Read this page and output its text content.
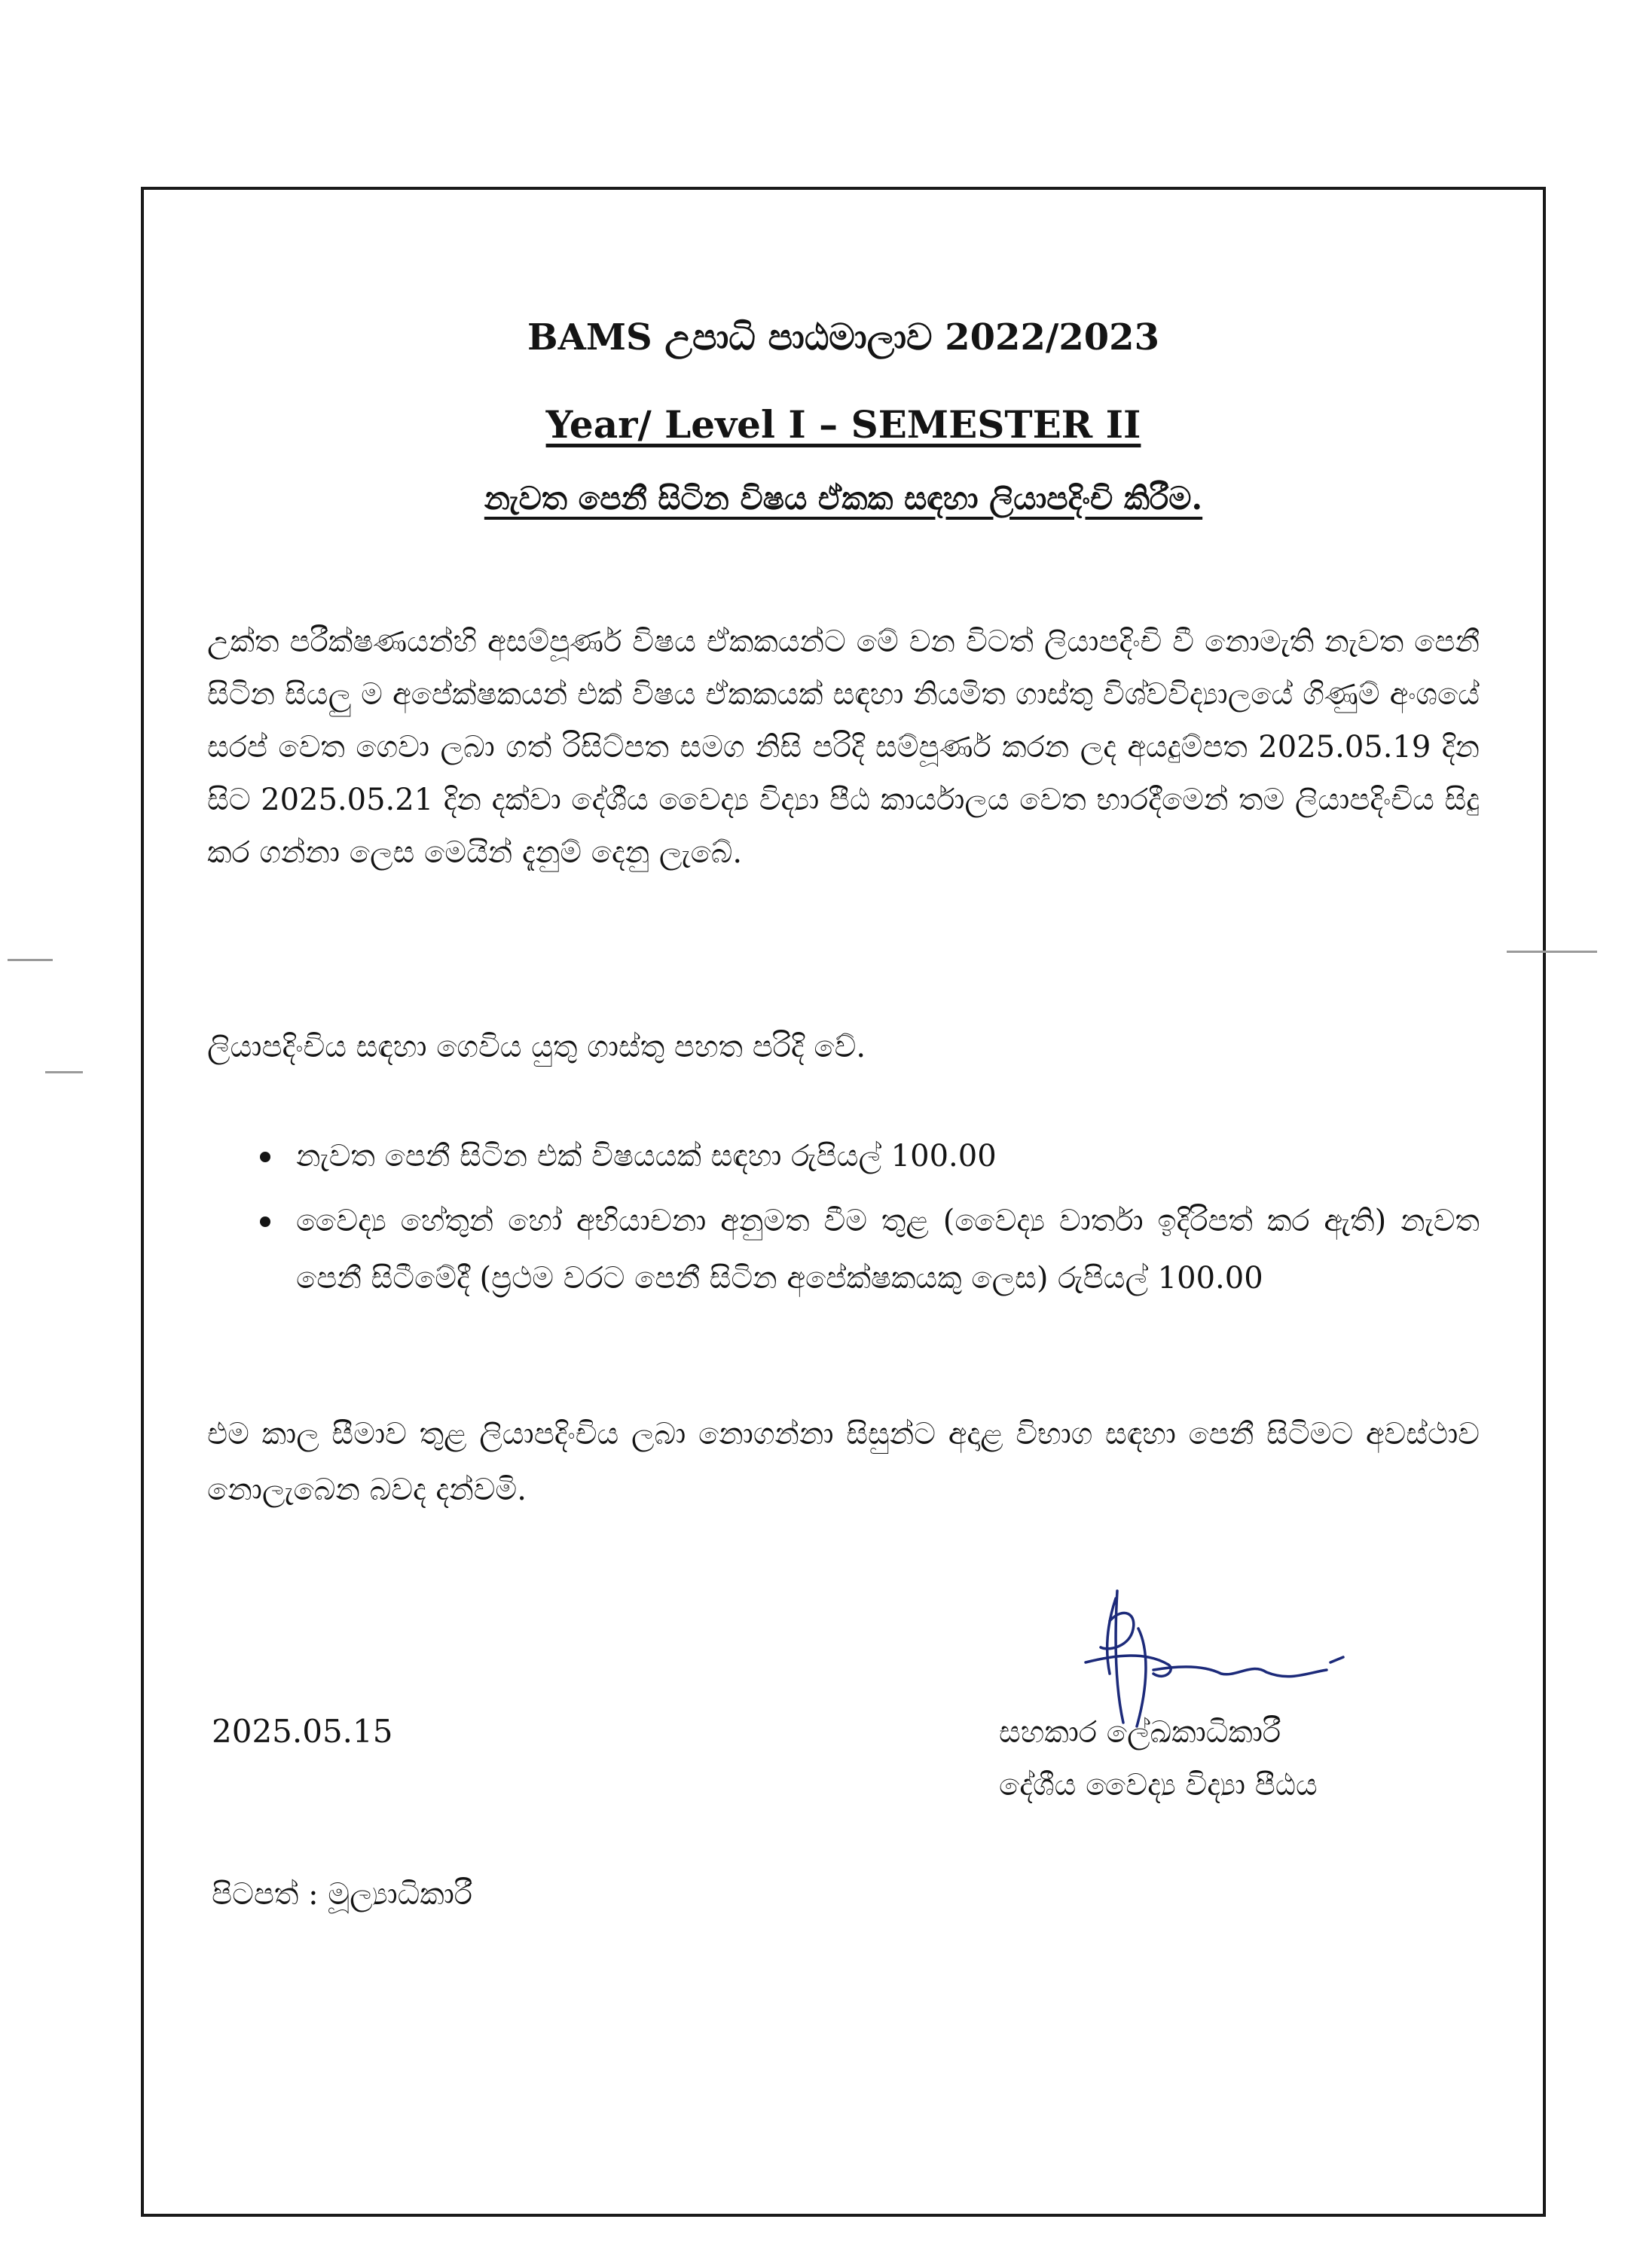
BAMS උපාධි පාඨමාලාව 2022/2023
Year/ Level I – SEMESTER II
නැවත පෙනී සිටින විෂය ඒකක සඳහා ලියාපදිංචි කිරීම.
උක්ත පරීක්ෂණයන්හි අසම්පූර්ණ විෂය ඒකකයන්ට මේ වන විටත් ලියාපදිංචි වී නොමැති නැවත පෙනී සිටින සියලු ම අපේක්ෂකයන් එක් විෂය ඒකකයක් සඳහා නියමිත ගාස්තු විශ්වවිද්‍යාලයේ ගිණුම් අංශයේ සරප් වෙත ගෙවා ලබා ගත් රිසිට්පත සමග නිසි පරිදි සම්පූර්ණ කරන ලද අයදුම්පත 2025.05.19 දින සිට 2025.05.21 දින දක්වා දේශීය වෛද්‍ය විද්‍යා පීඨ කාර්යාලය වෙත භාරදීමෙන් තම ලියාපදිංචිය සිදු කර ගන්නා ලෙස මෙයින් දැනුම් දෙනු ලැබේ.
ලියාපදිංචිය සඳහා ගෙවිය යුතු ගාස්තු පහත පරිදි වේ.
නැවත පෙනී සිටින එක් විෂයයක් සඳහා රුපියල් 100.00
වෛද්‍ය හේතුන් හෝ අභියාචනා අනුමත වීම තුළ (වෛද්‍ය වාර්තා ඉදිරිපත් කර ඇති) නැවත පෙනී සිටීමේදී (ප්‍රථම වරට පෙනී සිටින අපේක්ෂකයකු ලෙස) රුපියල් 100.00
එම කාල සීමාව තුළ ලියාපදිංචිය ලබා නොගන්නා සිසුන්ට අදාළ විභාග සඳහා පෙනී සිටිමට අවස්ථාව නොලැබෙන බවද දන්වමි.
2025.05.15	සහකාර ලේඛකාධිකාරී
දේශීය වෛද්‍ය විද්‍යා පීඨය
පිටපත් : මූල්‍යාධිකාරී
